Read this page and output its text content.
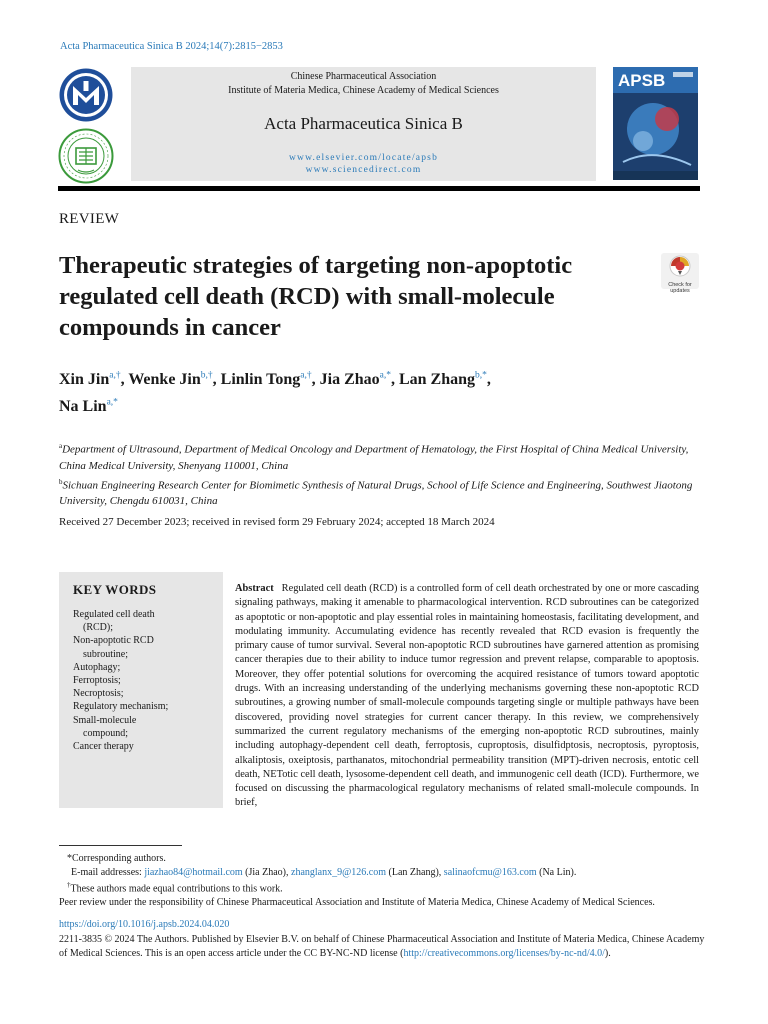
Acta Pharmaceutica Sinica B 2024;14(7):2815−2853
Chinese Pharmaceutical Association
Institute of Materia Medica, Chinese Academy of Medical Sciences
Acta Pharmaceutica Sinica B
www.elsevier.com/locate/apsb
www.sciencedirect.com
APSB
REVIEW
Therapeutic strategies of targeting non-apoptotic regulated cell death (RCD) with small-molecule compounds in cancer
Check for
updates
Xin Jin$^{a,\dagger}$, Wenke Jin$^{b,\dagger}$, Linlin Tong$^{a,\dagger}$, Jia Zhao$^{a,*}$, Lan Zhang$^{b,*}$,
Na Lin$^{a,*}$
$^a$Department of Ultrasound, Department of Medical Oncology and Department of Hematology, the First Hospital of China Medical University, China Medical University, Shenyang 110001, China
$^b$Sichuan Engineering Research Center for Biomimetic Synthesis of Natural Drugs, School of Life Science and Engineering, Southwest Jiaotong University, Chengdu 610031, China
Received 27 December 2023; received in revised form 29 February 2024; accepted 18 March 2024
KEY WORDS
Regulated cell death
(RCD);
Non-apoptotic RCD
subroutine;
Autophagy;
Ferroptosis;
Necroptosis;
Regulatory mechanism;
Small-molecule
compound;
Cancer therapy
Abstract Regulated cell death (RCD) is a controlled form of cell death orchestrated by one or more cascading signaling pathways, making it amenable to pharmacological intervention. RCD subroutines can be categorized as apoptotic or non-apoptotic and play essential roles in maintaining homeostasis, facilitating development, and modulating immunity. Accumulating evidence has recently revealed that RCD evasion is frequently the primary cause of tumor survival. Several non-apoptotic RCD subroutines have garnered attention as promising cancer therapies due to their ability to induce tumor regression and prevent relapse, comparable to apoptosis. Moreover, they offer potential solutions for overcoming the acquired resistance of tumors toward apoptotic drugs. With an increasing understanding of the underlying mechanisms governing these non-apoptotic RCD subroutines, a growing number of small-molecule compounds targeting single or multiple pathways have been discovered, providing novel strategies for current cancer therapy. In this review, we comprehensively summarized the current regulatory mechanisms of the emerging non-apoptotic RCD subroutines, mainly including autophagy-dependent cell death, ferroptosis, cuproptosis, disulfidptosis, necroptosis, pyroptosis, alkaliptosis, oxeiptosis, parthanatos, mitochondrial permeability transition (MPT)-driven necrosis, entotic cell death, NETotic cell death, lysosome-dependent cell death, and immunogenic cell death (ICD). Furthermore, we focused on discussing the pharmacological regulatory mechanisms of related small-molecule compounds. In brief,
*Corresponding authors.
E-mail addresses: jiazhao84@hotmail.com (Jia Zhao), zhanglanx_9@126.com (Lan Zhang), salinaofcmu@163.com (Na Lin).
†These authors made equal contributions to this work.
Peer review under the responsibility of Chinese Pharmaceutical Association and Institute of Materia Medica, Chinese Academy of Medical Sciences.
https://doi.org/10.1016/j.apsb.2024.04.020
2211-3835 © 2024 The Authors. Published by Elsevier B.V. on behalf of Chinese Pharmaceutical Association and Institute of Materia Medica, Chinese Academy of Medical Sciences. This is an open access article under the CC BY-NC-ND license (http://creativecommons.org/licenses/by-nc-nd/4.0/).
